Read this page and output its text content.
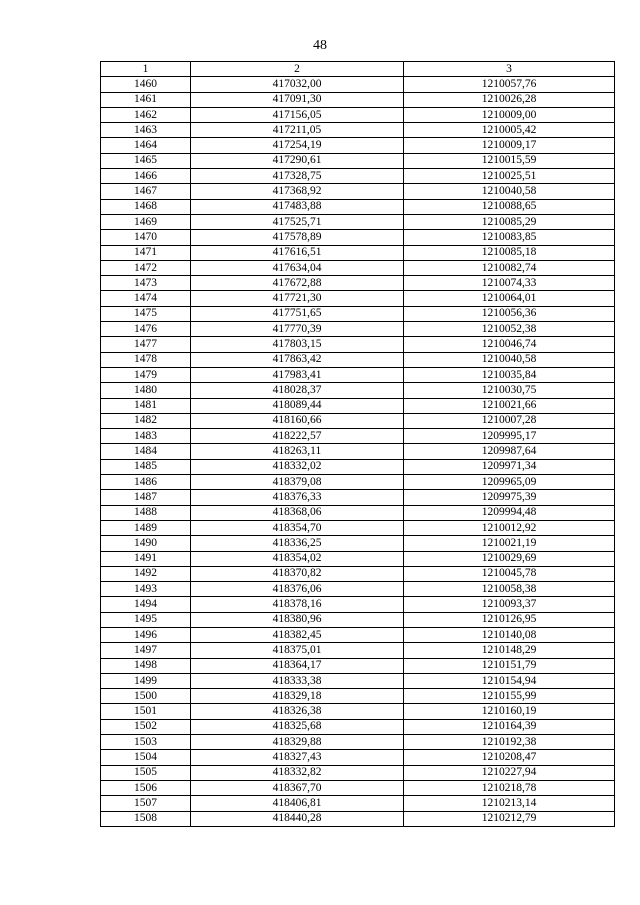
48
1	2	3
1460	417032,00	1210057,76
1461	417091,30	1210026,28
1462	417156,05	1210009,00
1463	417211,05	1210005,42
1464	417254,19	1210009,17
1465	417290,61	1210015,59
1466	417328,75	1210025,51
1467	417368,92	1210040,58
1468	417483,88	1210088,65
1469	417525,71	1210085,29
1470	417578,89	1210083,85
1471	417616,51	1210085,18
1472	417634,04	1210082,74
1473	417672,88	1210074,33
1474	417721,30	1210064,01
1475	417751,65	1210056,36
1476	417770,39	1210052,38
1477	417803,15	1210046,74
1478	417863,42	1210040,58
1479	417983,41	1210035,84
1480	418028,37	1210030,75
1481	418089,44	1210021,66
1482	418160,66	1210007,28
1483	418222,57	1209995,17
1484	418263,11	1209987,64
1485	418332,02	1209971,34
1486	418379,08	1209965,09
1487	418376,33	1209975,39
1488	418368,06	1209994,48
1489	418354,70	1210012,92
1490	418336,25	1210021,19
1491	418354,02	1210029,69
1492	418370,82	1210045,78
1493	418376,06	1210058,38
1494	418378,16	1210093,37
1495	418380,96	1210126,95
1496	418382,45	1210140,08
1497	418375,01	1210148,29
1498	418364,17	1210151,79
1499	418333,38	1210154,94
1500	418329,18	1210155,99
1501	418326,38	1210160,19
1502	418325,68	1210164,39
1503	418329,88	1210192,38
1504	418327,43	1210208,47
1505	418332,82	1210227,94
1506	418367,70	1210218,78
1507	418406,81	1210213,14
1508	418440,28	1210212,79
